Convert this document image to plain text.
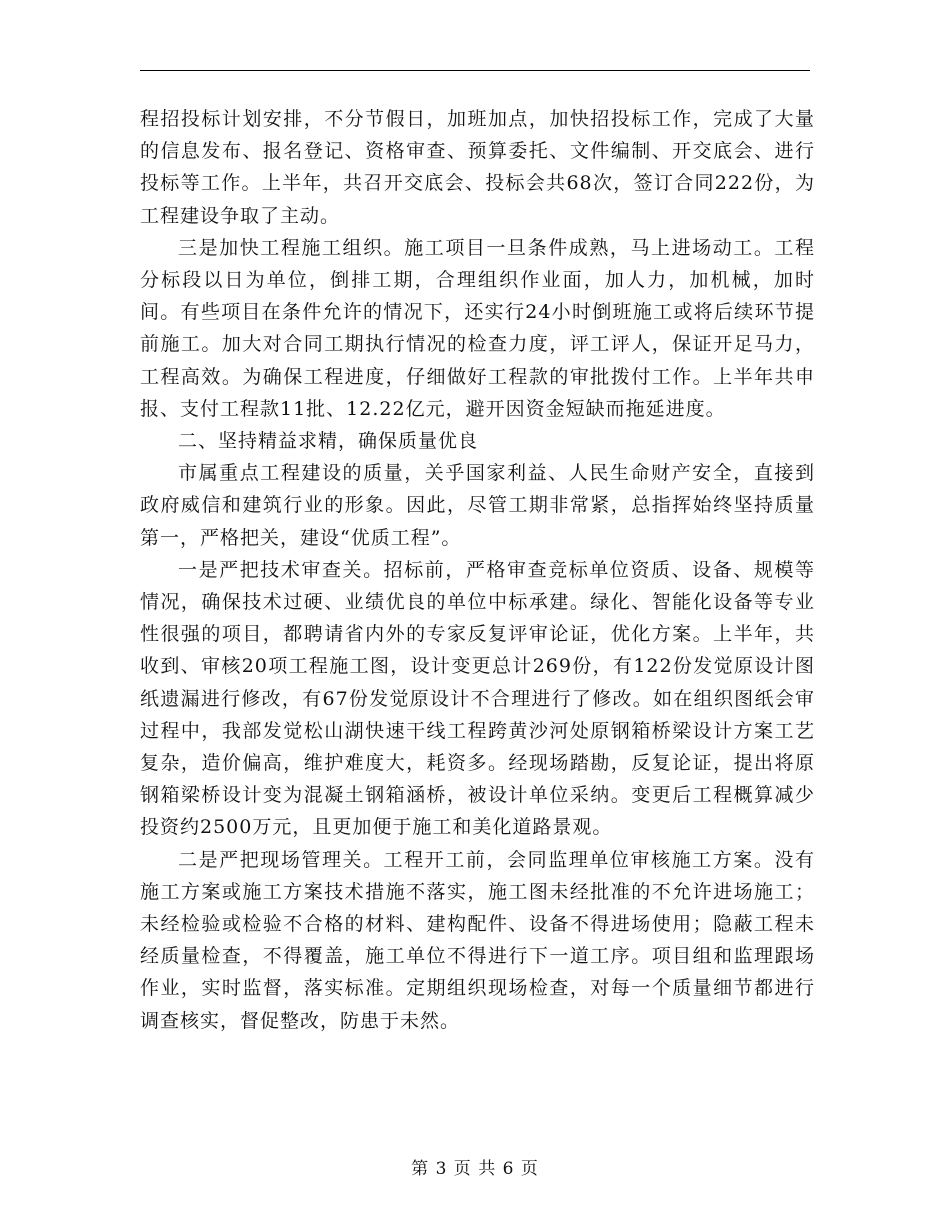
程招投标计划安排，不分节假日，加班加点，加快招投标工作，完成了大量的信息发布、报名登记、资格审查、预算委托、文件编制、开交底会、进行投标等工作。上半年，共召开交底会、投标会共68次，签订合同222份，为工程建设争取了主动。

三是加快工程施工组织。施工项目一旦条件成熟，马上进场动工。工程分标段以日为单位，倒排工期，合理组织作业面，加人力，加机械，加时间。有些项目在条件允许的情况下，还实行24小时倒班施工或将后续环节提前施工。加大对合同工期执行情况的检查力度，评工评人，保证开足马力，工程高效。为确保工程进度，仔细做好工程款的审批拨付工作。上半年共申报、支付工程款11批、12.22亿元，避开因资金短缺而拖延进度。

二、坚持精益求精，确保质量优良

市属重点工程建设的质量，关乎国家利益、人民生命财产安全，直接到政府威信和建筑行业的形象。因此，尽管工期非常紧，总指挥始终坚持质量第一，严格把关，建设“优质工程”。

一是严把技术审查关。招标前，严格审查竞标单位资质、设备、规模等情况，确保技术过硬、业绩优良的单位中标承建。绿化、智能化设备等专业性很强的项目，都聘请省内外的专家反复评审论证，优化方案。上半年，共收到、审核20项工程施工图，设计变更总计269份，有122份发觉原设计图纸遗漏进行修改，有67份发觉原设计不合理进行了修改。如在组织图纸会审过程中，我部发觉松山湖快速干线工程跨黄沙河处原钢箱桥梁设计方案工艺复杂，造价偏高，维护难度大，耗资多。经现场踏勘，反复论证，提出将原钢箱梁桥设计变为混凝土钢箱涵桥，被设计单位采纳。变更后工程概算减少投资约2500万元，且更加便于施工和美化道路景观。

二是严把现场管理关。工程开工前，会同监理单位审核施工方案。没有施工方案或施工方案技术措施不落实，施工图未经批准的不允许进场施工；未经检验或检验不合格的材料、建构配件、设备不得进场使用；隐蔽工程未经质量检查，不得覆盖，施工单位不得进行下一道工序。项目组和监理跟场作业，实时监督，落实标准。定期组织现场检查，对每一个质量细节都进行调查核实，督促整改，防患于未然。

第 3 页 共 6 页
